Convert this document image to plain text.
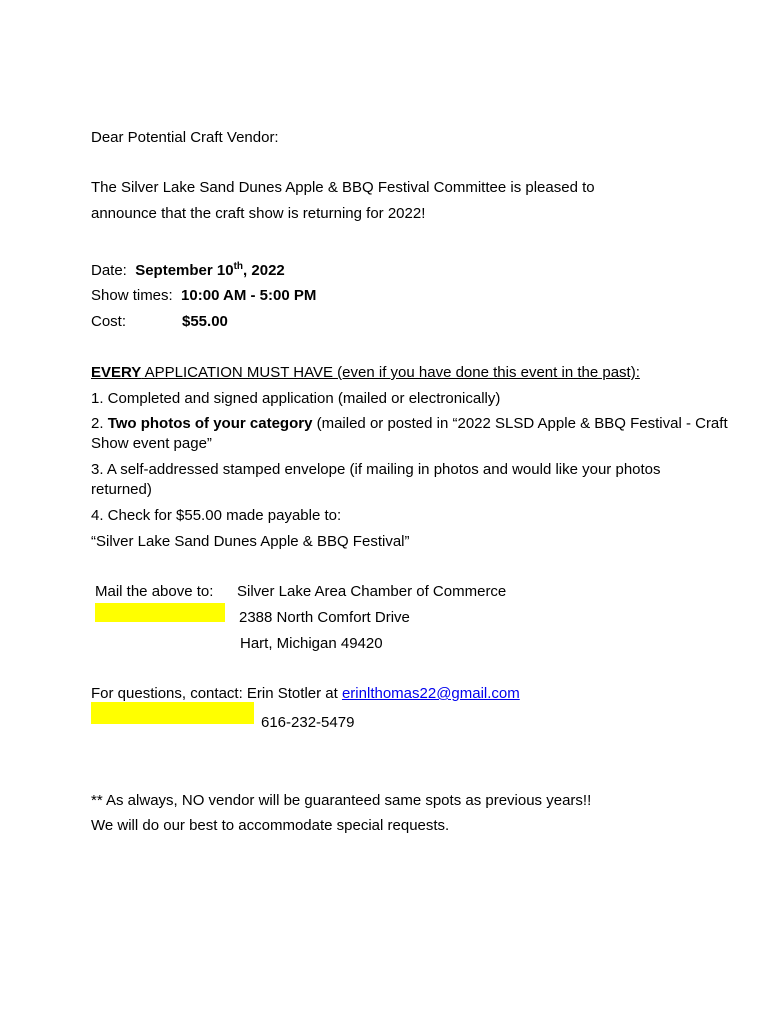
Dear Potential Craft Vendor:
The Silver Lake Sand Dunes Apple & BBQ Festival Committee is pleased to
announce that the craft show is returning for 2022!
Date: September 10th, 2022
Show times: 10:00 AM - 5:00 PM
Cost:	$55.00
EVERY APPLICATION MUST HAVE (even if you have done this event in the past):
1. Completed and signed application (mailed or electronically)
2. Two photos of your category (mailed or posted in “2022 SLSD Apple & BBQ Festival - Craft
Show event page”
3. A self-addressed stamped envelope (if mailing in photos and would like your photos
returned)
4. Check for $55.00 made payable to:
“Silver Lake Sand Dunes Apple & BBQ Festival”
Mail the above to: Silver Lake Area Chamber of Commerce
2388 North Comfort Drive
Hart, Michigan 49420
For questions, contact: Erin Stotler at erinlthomas22@gmail.com
616-232-5479
** As always, NO vendor will be guaranteed same spots as previous years!!
We will do our best to accommodate special requests.
